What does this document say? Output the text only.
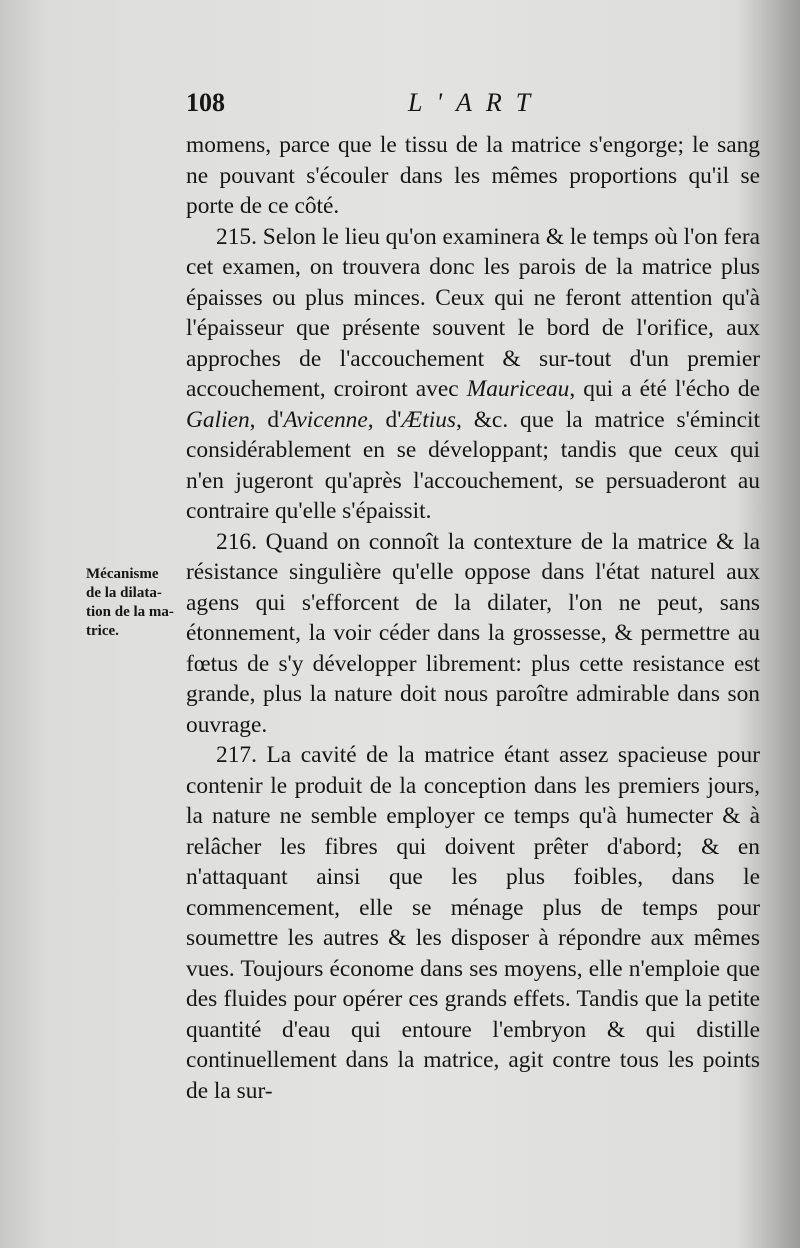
108	L'ART
Mécanisme
de la dilata-
tion de la ma-
trice.

momens, parce que le tissu de la matrice s'engorge; le sang ne pouvant s'écouler dans les mêmes proportions qu'il se porte de ce côté.

215. Selon le lieu qu'on examinera & le temps où l'on fera cet examen, on trouvera donc les parois de la matrice plus épaisses ou plus minces. Ceux qui ne feront attention qu'à l'épaisseur que présente souvent le bord de l'orifice, aux approches de l'accouchement & sur-tout d'un premier accouchement, croiront avec Mauriceau, qui a été l'écho de Galien, d'Avicenne, d'Ætius, &c. que la matrice s'émincit considérablement en se développant; tandis que ceux qui n'en jugeront qu'après l'accouchement, se persuaderont au contraire qu'elle s'épaissit.

216. Quand on connoît la contexture de la matrice & la résistance singulière qu'elle oppose dans l'état naturel aux agens qui s'efforcent de la dilater, l'on ne peut, sans étonnement, la voir céder dans la grossesse, & permettre au fœtus de s'y développer librement: plus cette resistance est grande, plus la nature doit nous paroître admirable dans son ouvrage.

217. La cavité de la matrice étant assez spacieuse pour contenir le produit de la conception dans les premiers jours, la nature ne semble employer ce temps qu'à humecter & à relâcher les fibres qui doivent prêter d'abord; & en n'attaquant ainsi que les plus foibles, dans le commencement, elle se ménage plus de temps pour soumettre les autres & les disposer à répondre aux mêmes vues. Toujours économe dans ses moyens, elle n'emploie que des fluides pour opérer ces grands effets. Tandis que la petite quantité d'eau qui entoure l'embryon & qui distille continuellement dans la matrice, agit contre tous les points de la sur-
